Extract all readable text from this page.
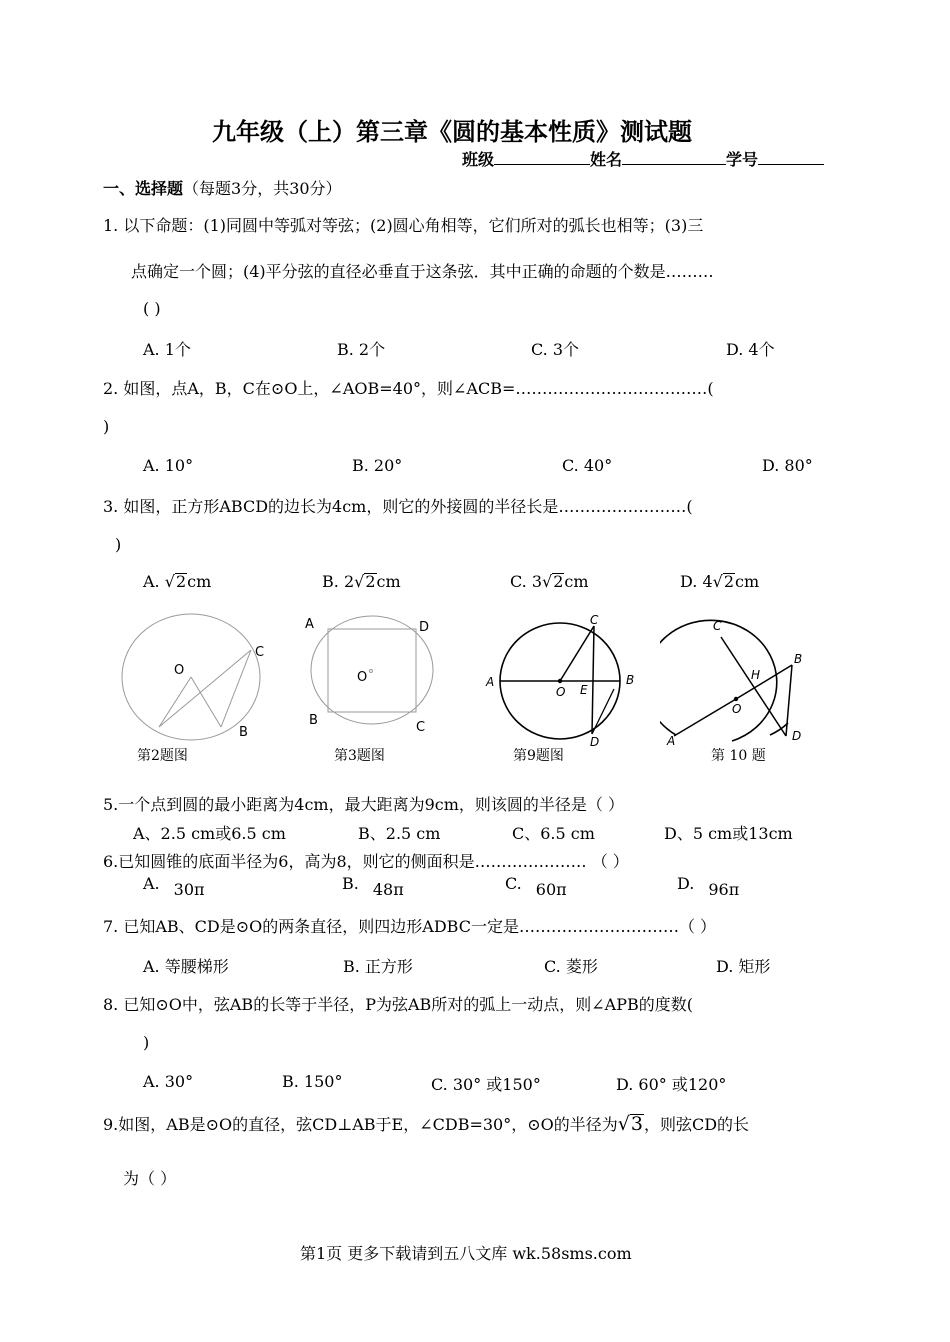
九年级（上）第三章《圆的基本性质》测试题
班级	姓名	学号
一、选择题（每题3分，共30分）
1. 以下命题：(1)同圆中等弧对等弦；(2)圆心角相等，它们所对的弧长也相等；(3)三
点确定一个圆；(4)平分弦的直径必垂直于这条弦．其中正确的命题的个数是………
( )
A. 1个	B. 2个	C. 3个	D. 4个
2. 如图，点A，B，C在⊙O上，∠AOB=40°，则∠ACB=………………………………(
)
A. 10°	B. 20°	C. 40°	D. 80°
3. 如图，正方形ABCD的边长为4cm，则它的外接圆的半径长是……………………(
)
A. √2cm	B. 2√2cm	C. 3√2cm	D. 4√2cm
O
C
B
第2题图
A	D
O
B	C
第3题图
A
O E
B
C
D
第9题图
C
B
H
O
A	D
第 10 题
5.一个点到圆的最小距离为4cm，最大距离为9cm，则该圆的半径是（ ）
A、2.5 cm或6.5 cm	B、2.5 cm	C、6.5 cm	D、5 cm或13cm
6.已知圆锥的底面半径为6，高为8，则它的侧面积是………………… （ ）
A. 30π	B. 48π	C. 60π	D. 96π
7. 已知AB、CD是⊙O的两条直径，则四边形ADBC一定是…………………………（ ）
A. 等腰梯形	B. 正方形	C. 菱形	D. 矩形
8. 已知⊙O中，弦AB的长等于半径，P为弦AB所对的弧上一动点，则∠APB的度数(
)
A. 30°	B. 150°	C. 30° 或150°	D. 60° 或120°
9.如图，AB是⊙O的直径，弦CD⊥AB于E，∠CDB=30°，⊙O的半径为√3，则弦CD的长
为（ ）
第1页 更多下载请到五八文库 wk.58sms.com
